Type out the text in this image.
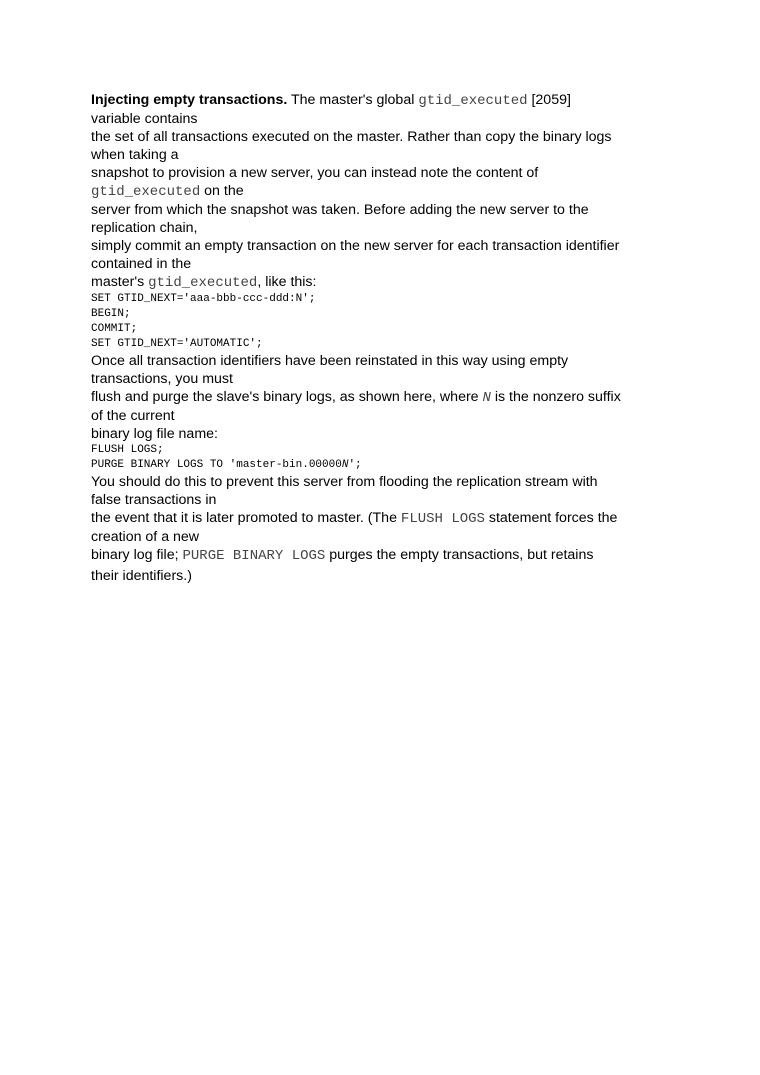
Injecting empty transactions. The master's global gtid_executed [2059]
variable contains
the set of all transactions executed on the master. Rather than copy the binary logs
when taking a
snapshot to provision a new server, you can instead note the content of
gtid_executed on the
server from which the snapshot was taken. Before adding the new server to the
replication chain,
simply commit an empty transaction on the new server for each transaction identifier
contained in the
master's gtid_executed, like this:
SET GTID_NEXT='aaa-bbb-ccc-ddd:N';
BEGIN;
COMMIT;
SET GTID_NEXT='AUTOMATIC';
Once all transaction identifiers have been reinstated in this way using empty
transactions, you must
flush and purge the slave's binary logs, as shown here, where N is the nonzero suffix
of the current
binary log file name:
FLUSH LOGS;
PURGE BINARY LOGS TO 'master-bin.00000N';
You should do this to prevent this server from flooding the replication stream with
false transactions in
the event that it is later promoted to master. (The FLUSH LOGS statement forces the
creation of a new
binary log file; PURGE BINARY LOGS purges the empty transactions, but retains
their identifiers.)
